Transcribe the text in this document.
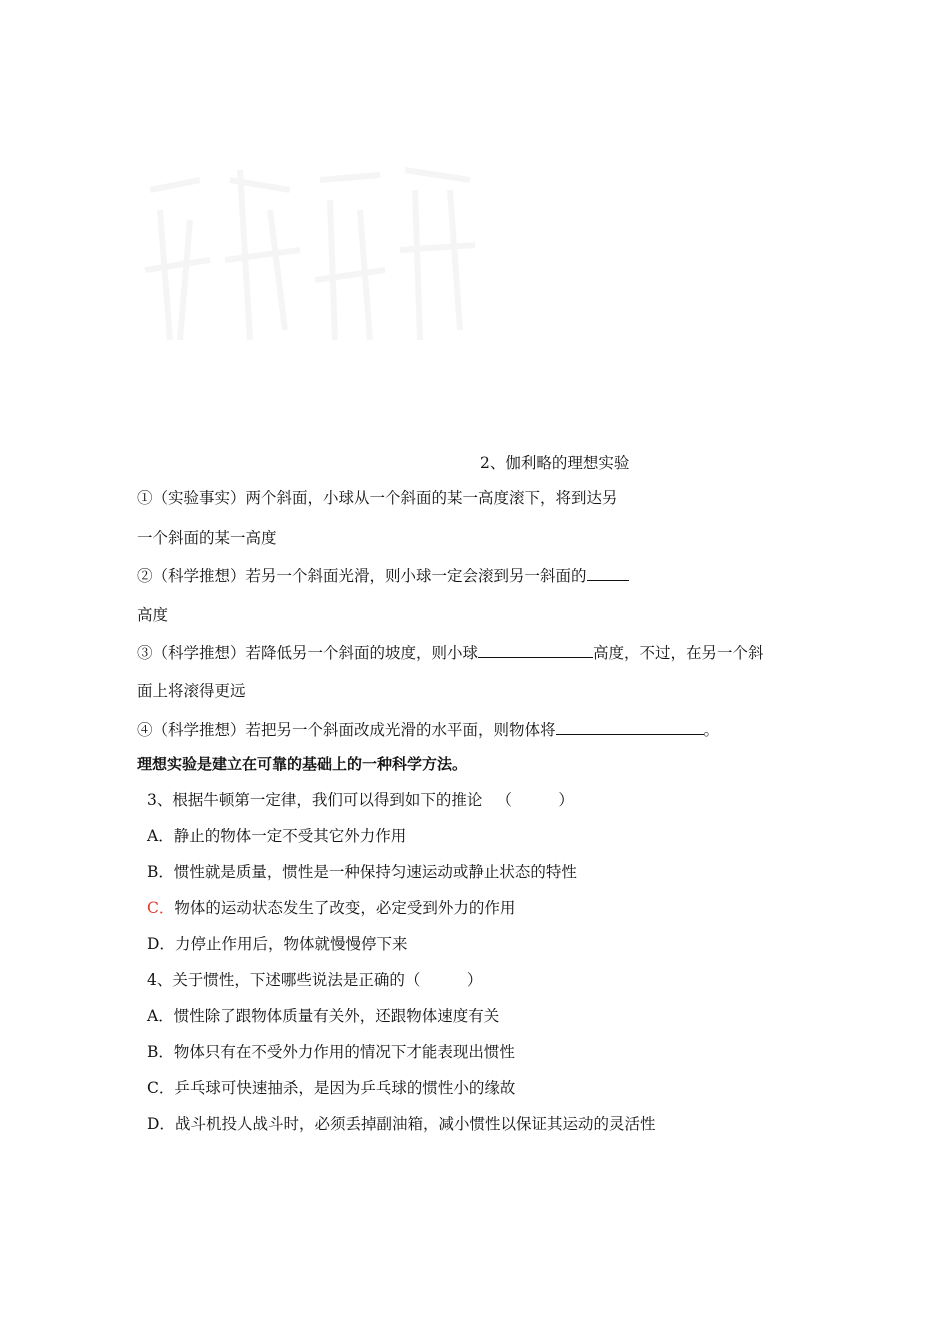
2、伽利略的理想实验
①（实验事实）两个斜面，小球从一个斜面的某一高度滚下，将到达另
一个斜面的某一高度
②（科学推想）若另一个斜面光滑，则小球一定会滚到另一斜面的
高度
③（科学推想）若降低另一个斜面的坡度，则小球	高度，不过，在另一个斜
面上将滚得更远
④（科学推想）若把另一个斜面改成光滑的水平面，则物体将	。
理想实验是建立在可靠的基础上的一种科学方法。
3、根据牛顿第一定律，我们可以得到如下的推论 （　　　）
A．静止的物体一定不受其它外力作用
B．惯性就是质量，惯性是一种保持匀速运动或静止状态的特性
C．物体的运动状态发生了改变，必定受到外力的作用
D．力停止作用后，物体就慢慢停下来
4、关于惯性，下述哪些说法是正确的（　　　）
A．惯性除了跟物体质量有关外，还跟物体速度有关
B．物体只有在不受外力作用的情况下才能表现出惯性
C．乒乓球可快速抽杀，是因为乒乓球的惯性小的缘故
D．战斗机投人战斗时，必须丢掉副油箱，减小惯性以保证其运动的灵活性
